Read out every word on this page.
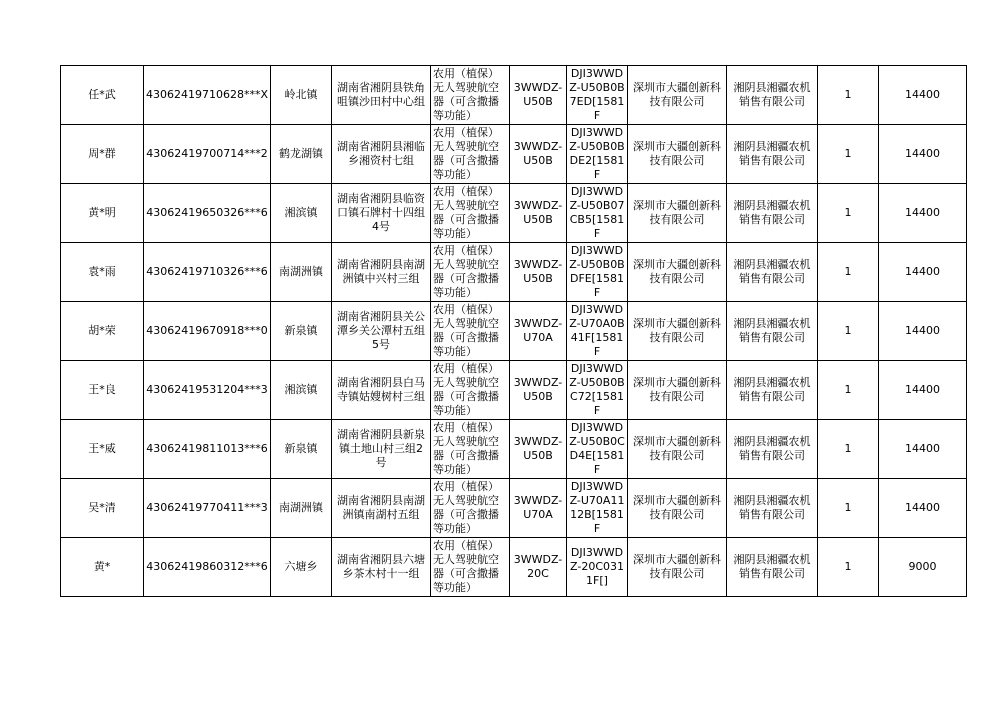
任*武	43062419710628***X	岭北镇	湖南省湘阴县铁角咀镇沙田村中心组	农用（植保）无人驾驶航空器（可含撒播等功能）	3WWDZ-U50B	DJI3WWDZ-U50B0B7ED[1581F	深圳市大疆创新科技有限公司	湘阴县湘疆农机销售有限公司	1	14400
周*群	43062419700714***2	鹤龙湖镇	湖南省湘阴县湘临乡湘资村七组	农用（植保）无人驾驶航空器（可含撒播等功能）	3WWDZ-U50B	DJI3WWDZ-U50B0BDE2[1581F	深圳市大疆创新科技有限公司	湘阴县湘疆农机销售有限公司	1	14400
黄*明	43062419650326***6	湘滨镇	湖南省湘阴县临资口镇石牌村十四组4号	农用（植保）无人驾驶航空器（可含撒播等功能）	3WWDZ-U50B	DJI3WWDZ-U50B07CB5[1581F	深圳市大疆创新科技有限公司	湘阴县湘疆农机销售有限公司	1	14400
袁*雨	43062419710326***6	南湖洲镇	湖南省湘阴县南湖洲镇中兴村三组	农用（植保）无人驾驶航空器（可含撒播等功能）	3WWDZ-U50B	DJI3WWDZ-U50B0BDFE[1581F	深圳市大疆创新科技有限公司	湘阴县湘疆农机销售有限公司	1	14400
胡*荣	43062419670918***0	新泉镇	湖南省湘阴县关公潭乡关公潭村五组5号	农用（植保）无人驾驶航空器（可含撒播等功能）	3WWDZ-U70A	DJI3WWDZ-U70A0B41F[1581F	深圳市大疆创新科技有限公司	湘阴县湘疆农机销售有限公司	1	14400
王*良	43062419531204***3	湘滨镇	湖南省湘阴县白马寺镇姑嫂树村三组	农用（植保）无人驾驶航空器（可含撒播等功能）	3WWDZ-U50B	DJI3WWDZ-U50B0BC72[1581F	深圳市大疆创新科技有限公司	湘阴县湘疆农机销售有限公司	1	14400
王*威	43062419811013***6	新泉镇	湖南省湘阴县新泉镇土地山村三组2号	农用（植保）无人驾驶航空器（可含撒播等功能）	3WWDZ-U50B	DJI3WWDZ-U50B0CD4E[1581F	深圳市大疆创新科技有限公司	湘阴县湘疆农机销售有限公司	1	14400
吴*清	43062419770411***3	南湖洲镇	湖南省湘阴县南湖洲镇南湖村五组	农用（植保）无人驾驶航空器（可含撒播等功能）	3WWDZ-U70A	DJI3WWDZ-U70A1112B[1581F	深圳市大疆创新科技有限公司	湘阴县湘疆农机销售有限公司	1	14400
黄*	43062419860312***6	六塘乡	湖南省湘阴县六塘乡茶木村十一组	农用（植保）无人驾驶航空器（可含撒播等功能）	3WWDZ-20C	DJI3WWDZ-20C0311F[]	深圳市大疆创新科技有限公司	湘阴县湘疆农机销售有限公司	1	9000
